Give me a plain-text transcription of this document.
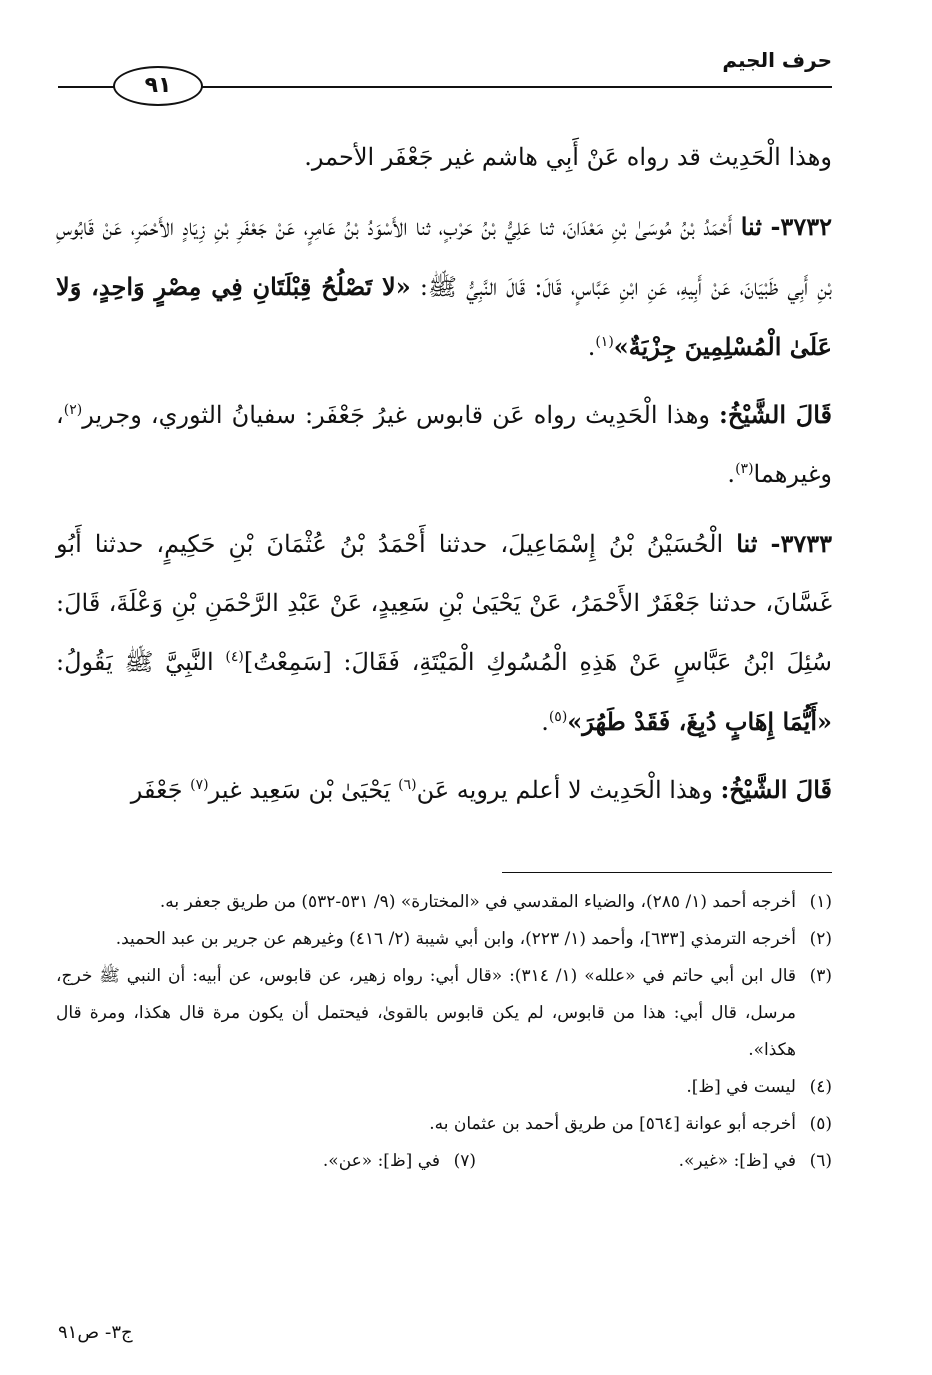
حرف الجيم
٩١

وهذا الْحَدِيث قد رواه عَنْ أَبِي هاشم غير جَعْفَر الأحمر.

٣٧٣٢- ثنا أَحْمَدُ بْنُ مُوسَىٰ بْنِ مَعْدَانَ، ثنا عَلِيُّ بْنُ حَرْبٍ، ثنا الأَسْوَدُ بْنُ عَامِرٍ، عَنْ جَعْفَرِ بْنِ زِيَادٍ الأَحْمَرِ، عَنْ قَابُوسِ بْنِ أَبِي ظَبْيَانَ، عَنْ أَبِيهِ، عَنِ ابْنِ عَبَّاسٍ، قَالَ: قَالَ النَّبِيُّ ﷺ: «لا تَصْلُحُ قِبْلَتَانِ فِي مِصْرٍ وَاحِدٍ، وَلا عَلَىٰ الْمُسْلِمِينَ جِزْيَةٌ»$^{(١)}$.

قَالَ الشَّيْخُ: وهذا الْحَدِيث رواه عَن قابوس غيرُ جَعْفَر: سفيانُ الثوري، وجرير$^{(٢)}$، وغيرهما$^{(٣)}$.

٣٧٣٣- ثنا الْحُسَيْنُ بْنُ إِسْمَاعِيلَ، حدثنا أَحْمَدُ بْنُ عُثْمَانَ بْنِ حَكِيمٍ، حدثنا أَبُو غَسَّانَ، حدثنا جَعْفَرٌ الأَحْمَرُ، عَنْ يَحْيَىٰ بْنِ سَعِيدٍ، عَنْ عَبْدِ الرَّحْمَنِ بْنِ وَعْلَةَ، قَالَ: سُئِلَ ابْنُ عَبَّاسٍ عَنْ هَذِهِ الْمُسُوكِ الْمَيْتَةِ، فَقَالَ: [سَمِعْتُ]$^{(٤)}$ النَّبِيَّ ﷺ يَقُولُ: «أَيُّمَا إِهَابٍ دُبِغَ، فَقَدْ طَهُرَ»$^{(٥)}$.

قَالَ الشَّيْخُ: وهذا الْحَدِيث لا أعلم يرويه عَن$^{(٦)}$ يَحْيَىٰ بْن سَعِيد غير$^{(٧)}$ جَعْفَر

(١)
أخرجه أحمد (١/ ٢٨٥)، والضياء المقدسي في «المختارة» (٩/ ٥٣١-٥٣٢) من طريق جعفر به.

(٢)
أخرجه الترمذي [٦٣٣]، وأحمد (١/ ٢٢٣)، وابن أبي شيبة (٢/ ٤١٦) وغيرهم عن جرير بن عبد الحميد.

(٣)
قال ابن أبي حاتم في «علله» (١/ ٣١٤): «قال أبي: رواه زهير، عن قابوس، عن أبيه: أن النبي ﷺ خرج، مرسل، قال أبي: هذا من قابوس، لم يكن قابوس بالقوىٰ، فيحتمل أن يكون مرة قال هكذا، ومرة قال هكذا».

(٤)
ليست في [ظ].

(٥)
أخرجه أبو عوانة [٥٦٤] من طريق أحمد بن عثمان به.

(٦)
في [ظ]: «غير».

(٧)
في [ظ]: «عن».

ج٣- ص٩١
